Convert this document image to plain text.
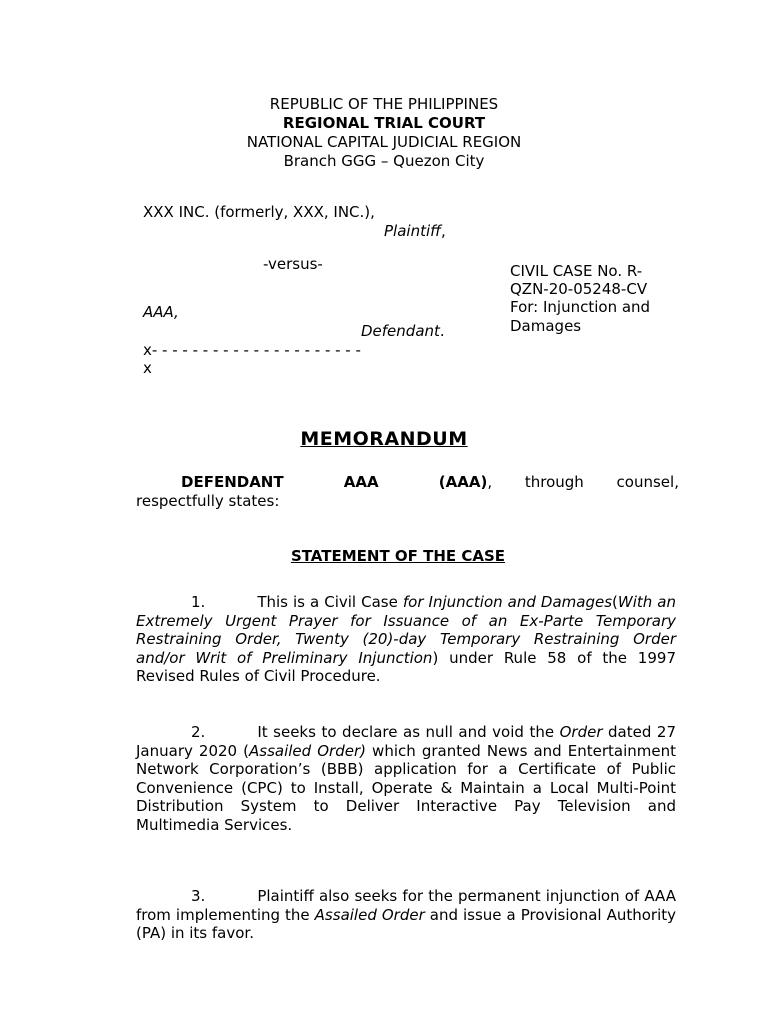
REPUBLIC OF THE PHILIPPINES
REGIONAL TRIAL COURT
NATIONAL CAPITAL JUDICIAL REGION
Branch GGG – Quezon City
XXX INC. (formerly, XXX, INC.),
Plaintiff,
-versus-
AAA,
Defendant.
x- - - - - - - - - - - - - - - - - - - - -
x
CIVIL CASE No. R-
QZN-20-05248-CV
For: Injunction and
Damages
MEMORANDUM
DEFENDANT	AAA	(AAA), through counsel,
respectfully states:
STATEMENT OF THE CASE
1.	This is a Civil Case for Injunction and Damages(With an Extremely Urgent Prayer for Issuance of an Ex-Parte Temporary Restraining Order, Twenty (20)-day Temporary Restraining Order and/or Writ of Preliminary Injunction) under Rule 58 of the 1997 Revised Rules of Civil Procedure.
2.	It seeks to declare as null and void the Order dated 27 January 2020 (Assailed Order) which granted News and Entertainment Network Corporation’s (BBB) application for a Certificate of Public Convenience (CPC) to Install, Operate & Maintain a Local Multi-Point Distribution System to Deliver Interactive Pay Television and Multimedia Services.
3.	Plaintiff also seeks for the permanent injunction of AAA from implementing the Assailed Order and issue a Provisional Authority (PA) in its favor.
